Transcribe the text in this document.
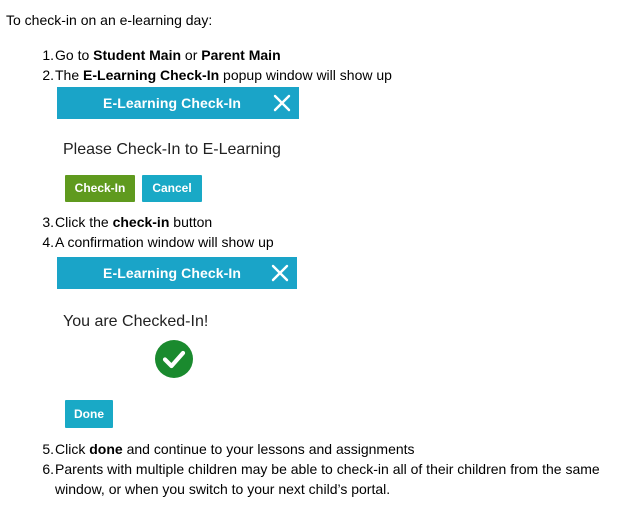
To check-in on an e-learning day:
1. Go to Student Main or Parent Main
2. The E-Learning Check-In popup window will show up
E-Learning Check-In
Please Check-In to E-Learning
Check-In	Cancel
3. Click the check-in button
4. A confirmation window will show up
E-Learning Check-In
You are Checked-In!
Done
5. Click done and continue to your lessons and assignments
6. Parents with multiple children may be able to check-in all of their children from the same
window, or when you switch to your next child’s portal.
